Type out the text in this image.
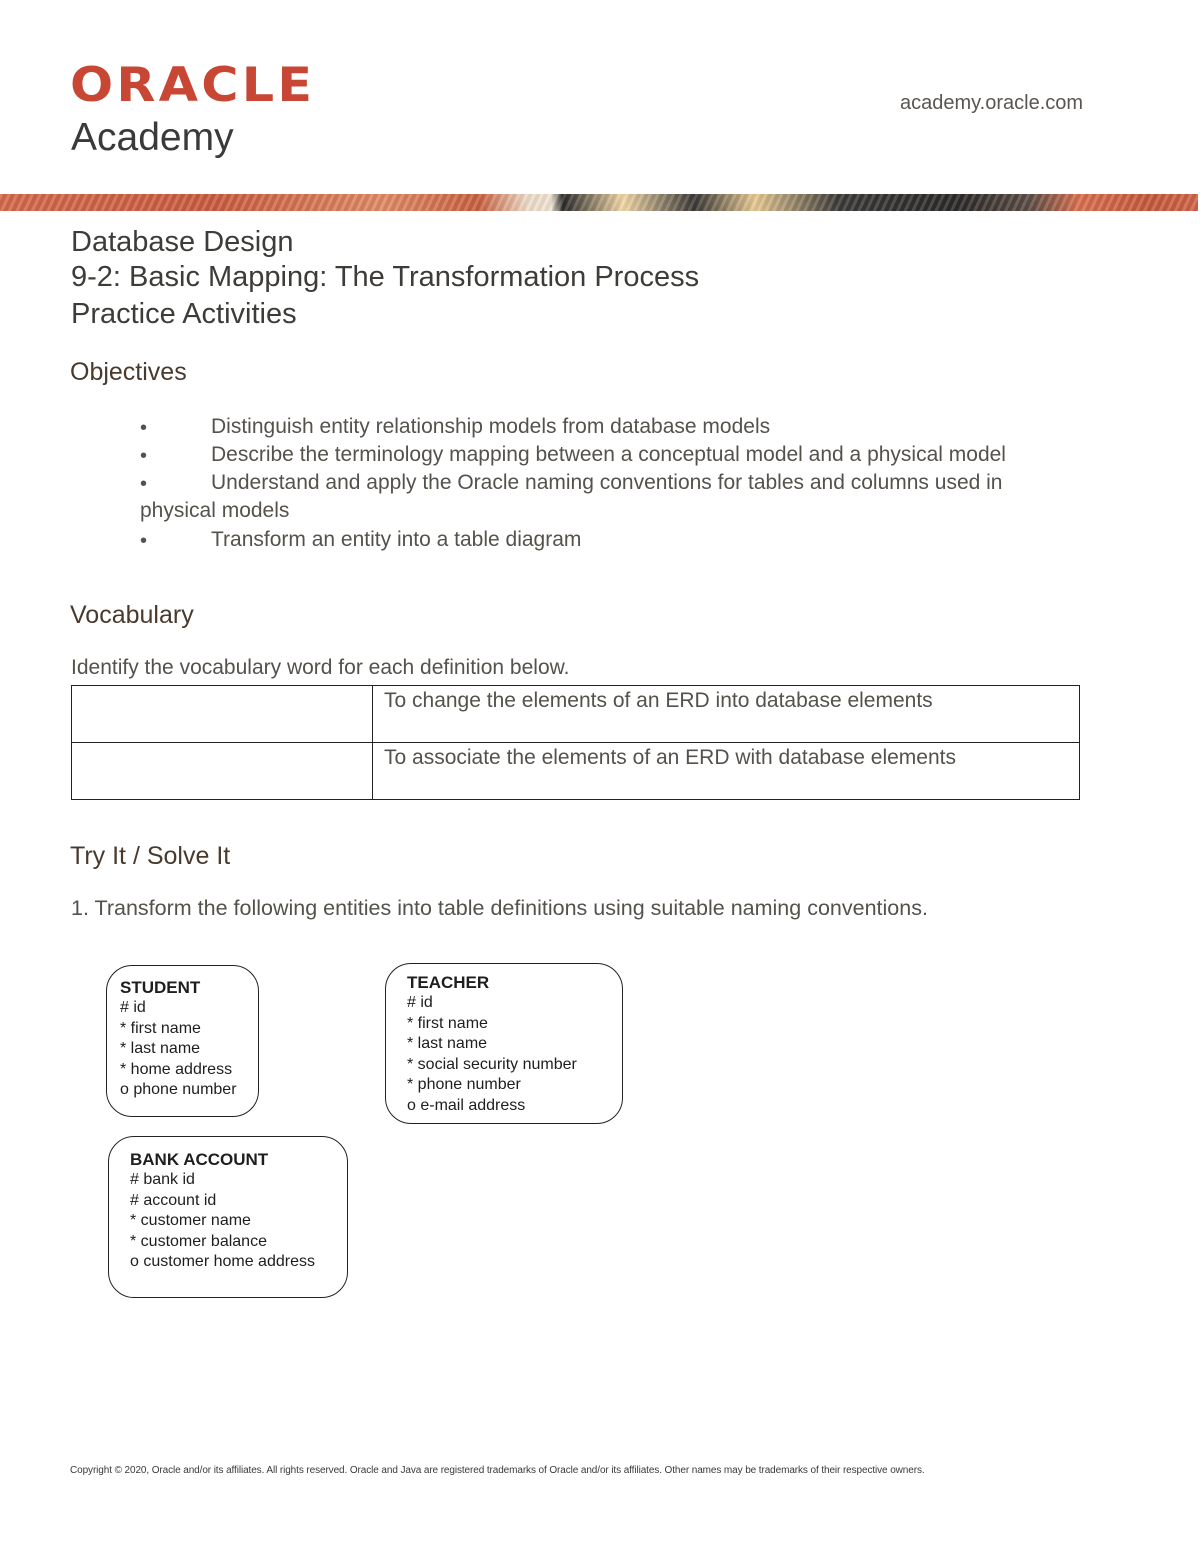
ORACLE
Academy
academy.oracle.com
Database Design
9-2: Basic Mapping: The Transformation Process
Practice Activities
Objectives
•	Distinguish entity relationship models from database models
•	Describe the terminology mapping between a conceptual model and a physical model
•	Understand and apply the Oracle naming conventions for tables and columns used in
physical models
•	Transform an entity into a table diagram
Vocabulary
Identify the vocabulary word for each definition below.
	To change the elements of an ERD into database elements
	To associate the elements of an ERD with database elements
Try It / Solve It
1. Transform the following entities into table definitions using suitable naming conventions.
STUDENT
# id
* first name
* last name
* home address
o phone number
TEACHER
# id
* first name
* last name
* social security number
* phone number
o e-mail address
BANK ACCOUNT
# bank id
# account id
* customer name
* customer balance
o customer home address
Copyright © 2020, Oracle and/or its affiliates. All rights reserved. Oracle and Java are registered trademarks of Oracle and/or its affiliates. Other names may be trademarks of their respective owners.
